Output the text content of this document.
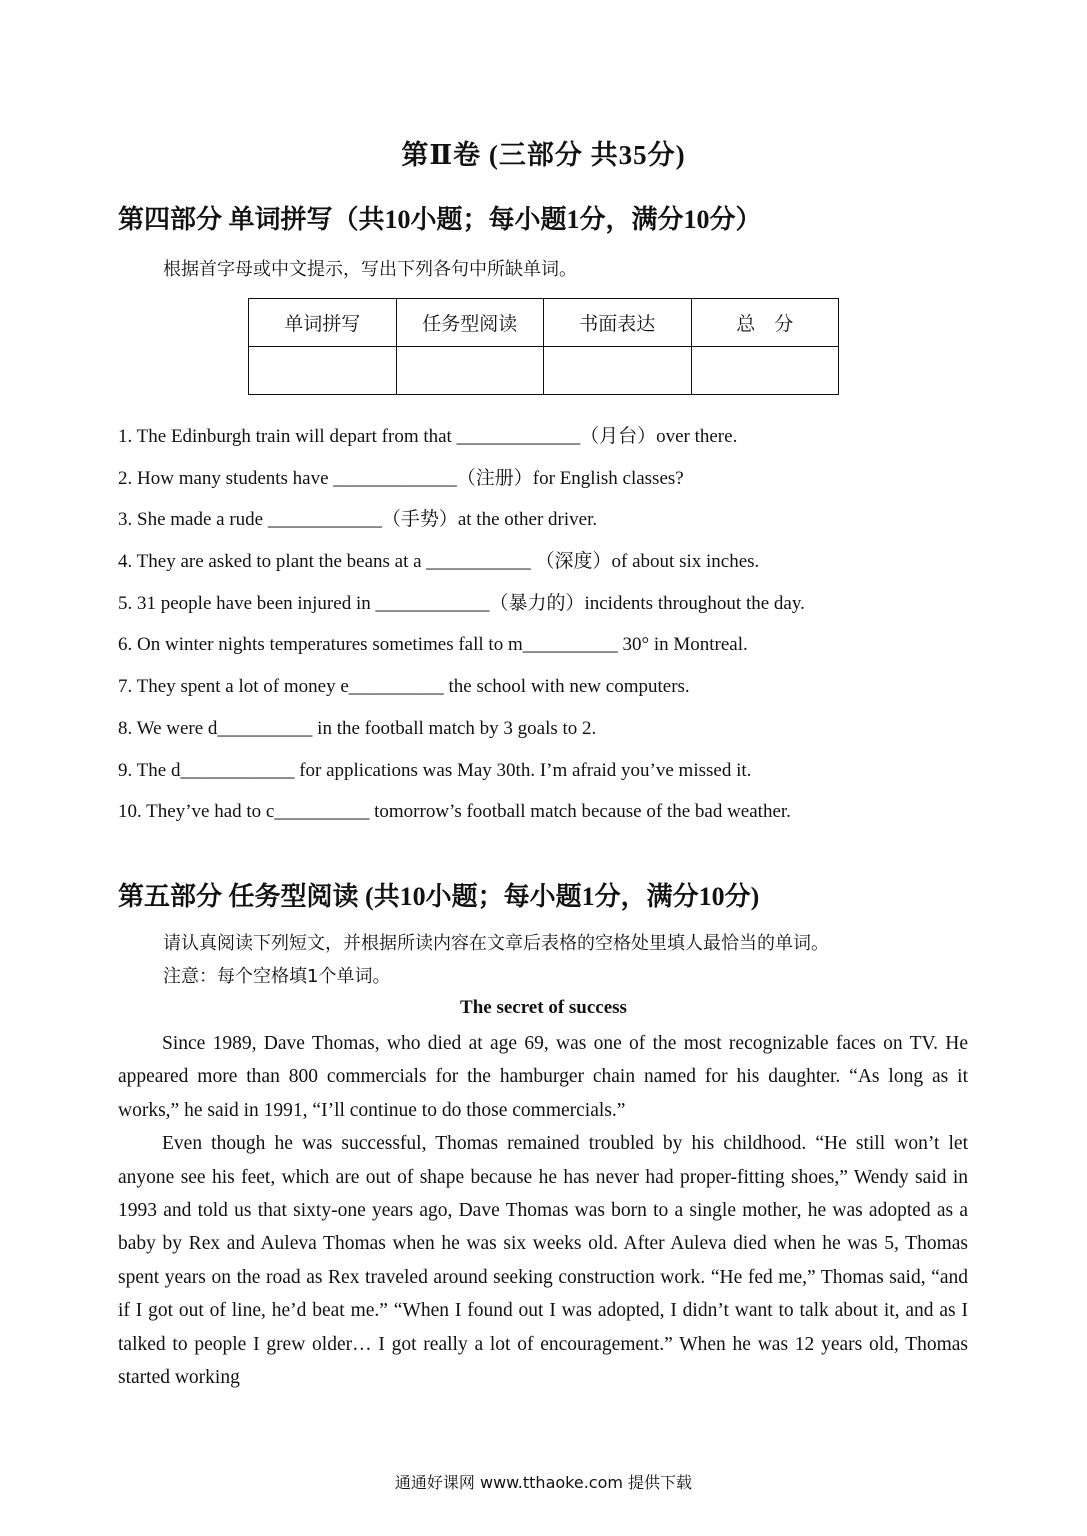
第Ⅱ卷 (三部分 共35分)
第四部分 单词拼写（共10小题；每小题1分，满分10分）
根据首字母或中文提示，写出下列各句中所缺单词。
单词拼写	任务型阅读	书面表达	总　分

1. The Edinburgh train will depart from that _____________（月台）over there.
2. How many students have _____________（注册）for English classes?
3. She made a rude ____________（手势）at the other driver.
4. They are asked to plant the beans at a ___________ （深度）of about six inches.
5. 31 people have been injured in ____________（暴力的）incidents throughout the day.
6. On winter nights temperatures sometimes fall to m__________ 30° in Montreal.
7. They spent a lot of money e__________ the school with new computers.
8. We were d__________ in the football match by 3 goals to 2.
9. The d____________ for applications was May 30th. I’m afraid you’ve missed it.
10. They’ve had to c__________ tomorrow’s football match because of the bad weather.
第五部分 任务型阅读 (共10小题；每小题1分，满分10分)
请认真阅读下列短文，并根据所读内容在文章后表格的空格处里填人最恰当的单词。
注意：每个空格填1个单词。
The secret of success

Since 1989, Dave Thomas, who died at age 69, was one of the most recognizable faces on TV. He appeared more than 800 commercials for the hamburger chain named for his daughter. “As long as it works,” he said in 1991, “I’ll continue to do those commercials.”

Even though he was successful, Thomas remained troubled by his childhood. “He still won’t let anyone see his feet, which are out of shape because he has never had proper-fitting shoes,” Wendy said in 1993 and told us that sixty-one years ago, Dave Thomas was born to a single mother, he was adopted as a baby by Rex and Auleva Thomas when he was six weeks old. After Auleva died when he was 5, Thomas spent years on the road as Rex traveled around seeking construction work. “He fed me,” Thomas said, “and if I got out of line, he’d beat me.” “When I found out I was adopted, I didn’t want to talk about it, and as I talked to people I grew older… I got really a lot of encouragement.” When he was 12 years old, Thomas started working

通通好课网 www.tthaoke.com 提供下载
